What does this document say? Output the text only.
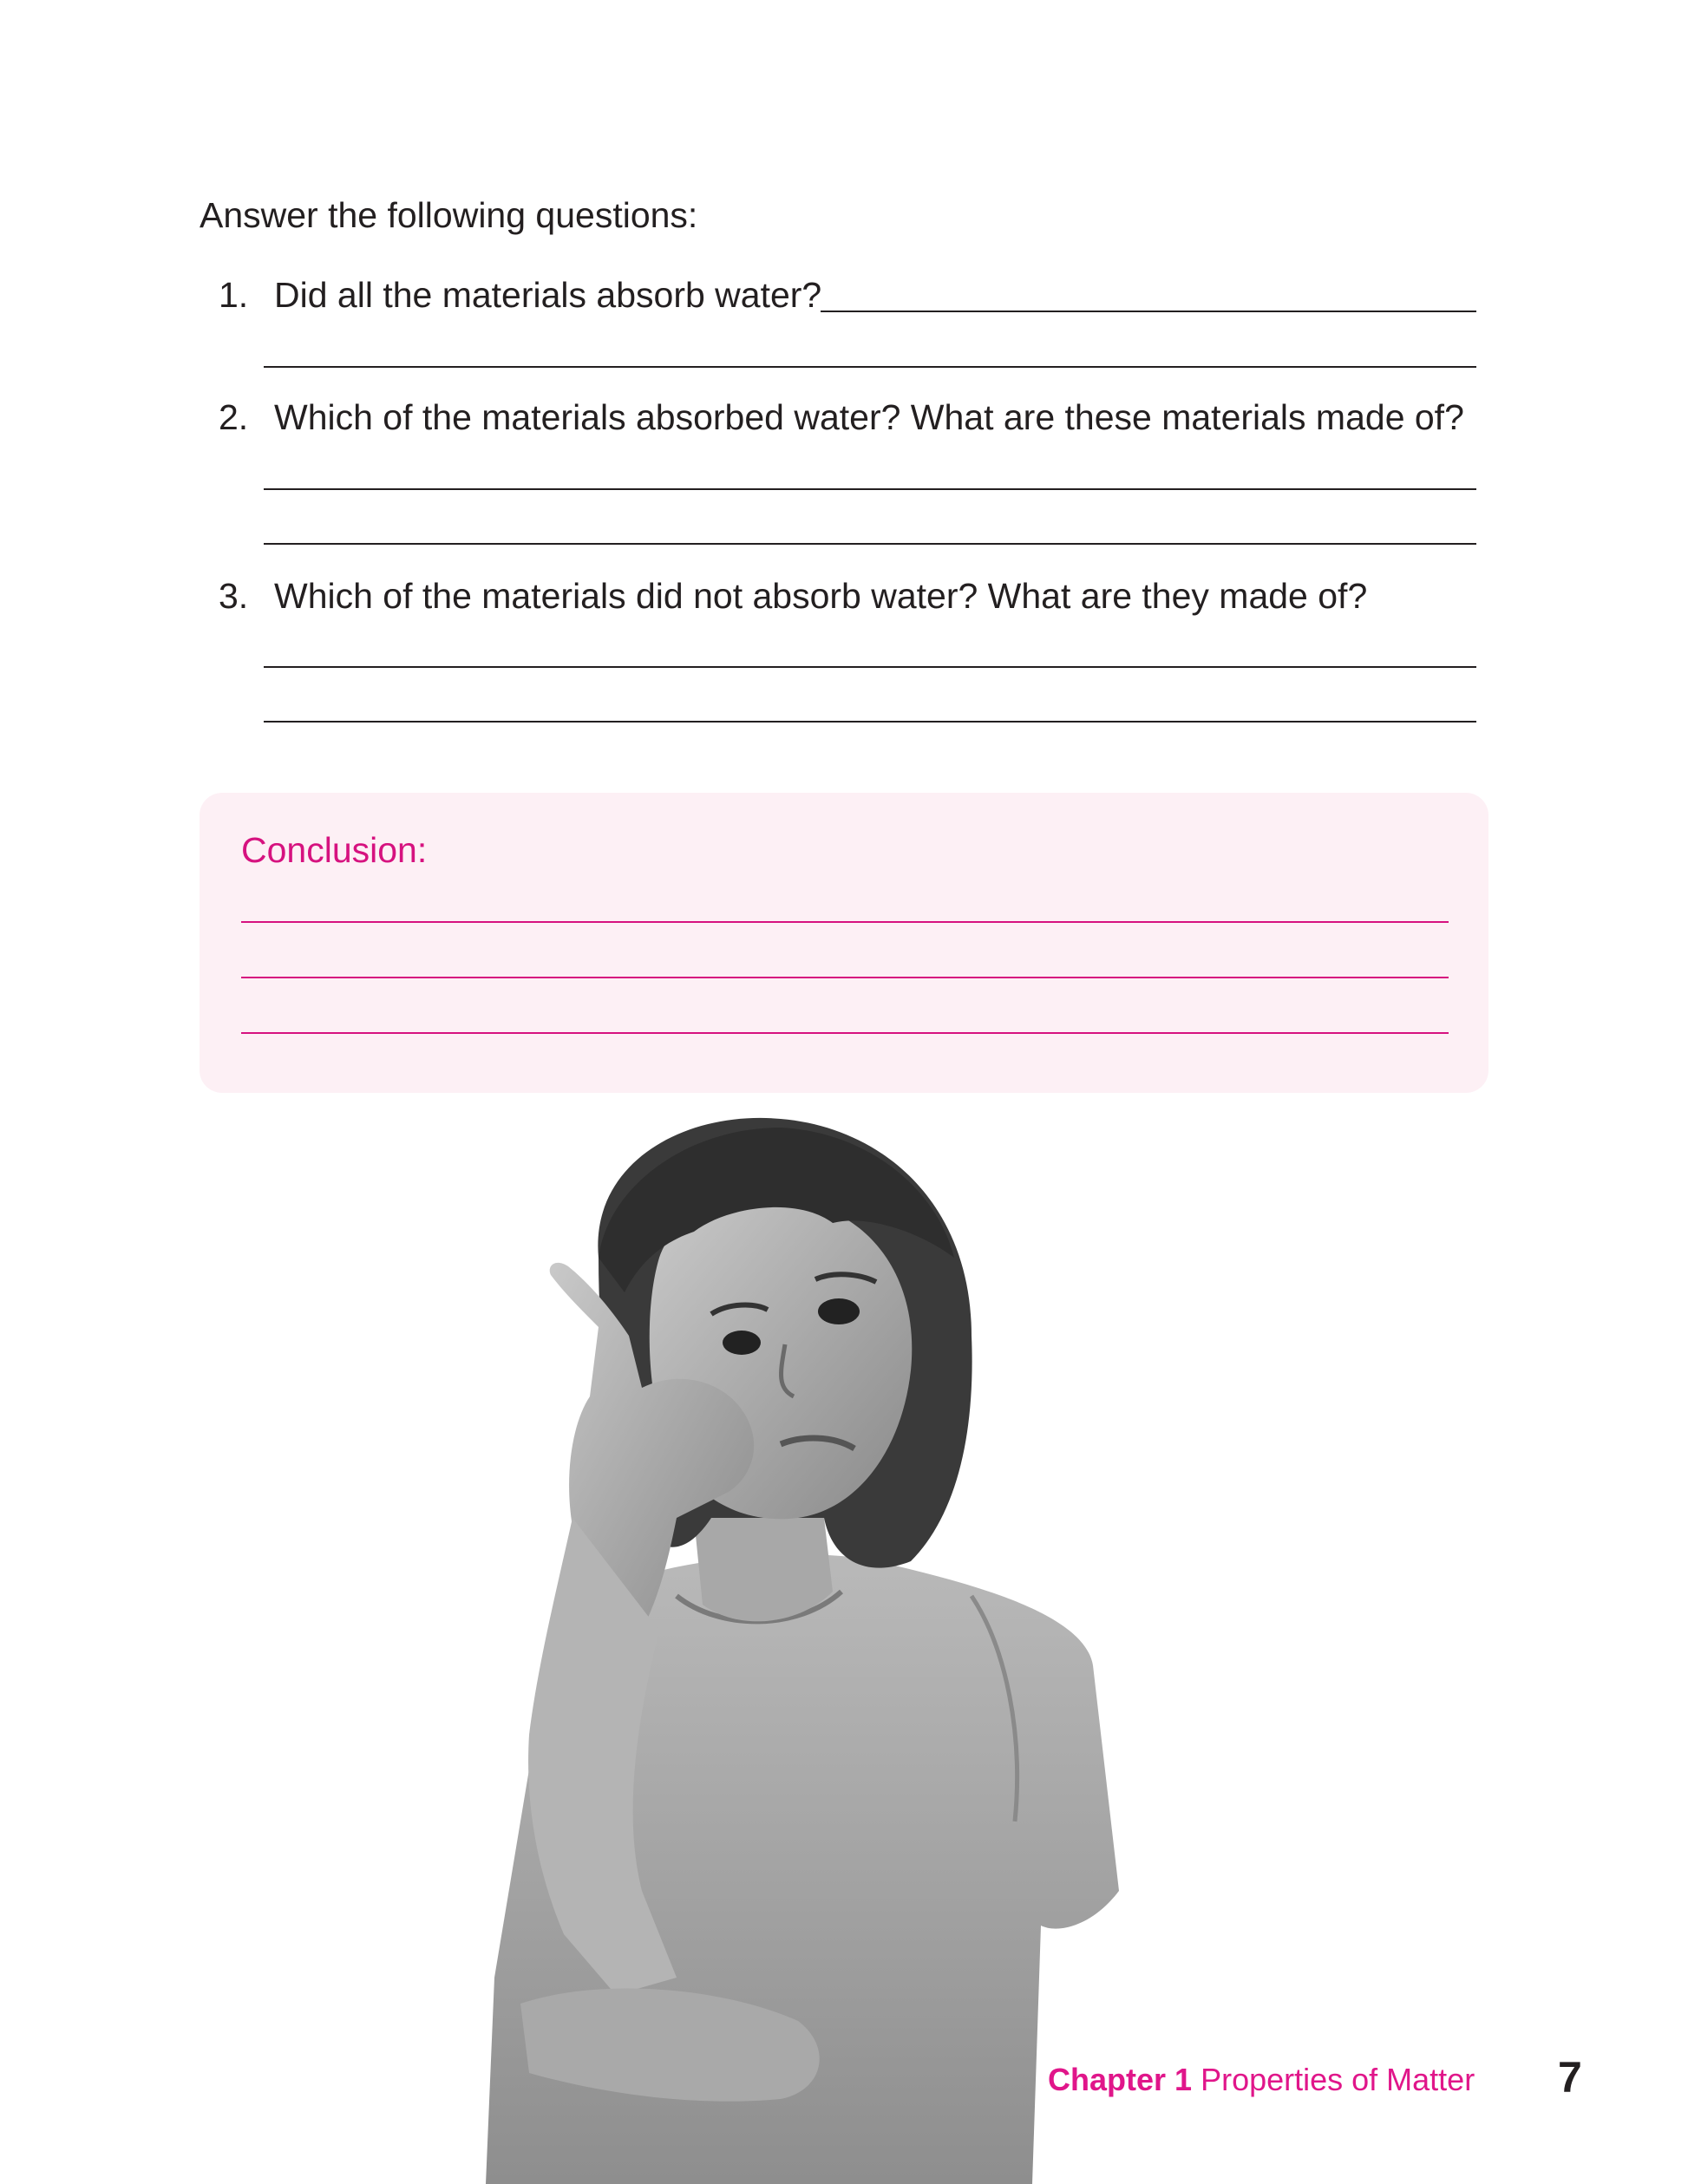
Answer the following questions:
1. Did all the materials absorb water?
2. Which of the materials absorbed water? What are these materials made of?
3. Which of the materials did not absorb water? What are they made of?
Conclusion:
Chapter 1 Properties of Matter 7
